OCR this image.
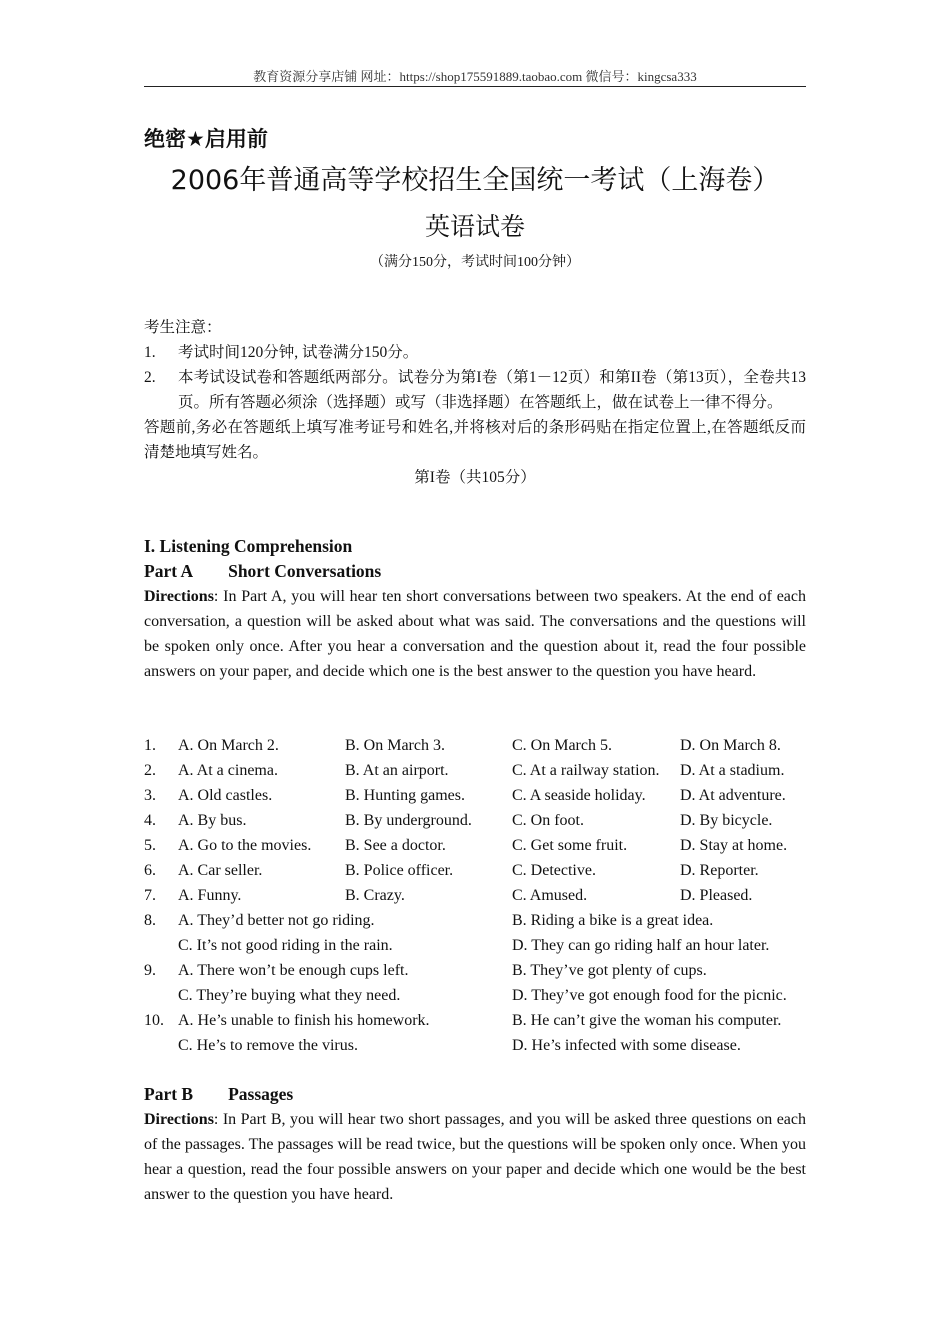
教育资源分享店铺 网址：https://shop175591889.taobao.com 微信号：kingcsa333
绝密★启用前
2006年普通高等学校招生全国统一考试（上海卷）
英语试卷
（满分150分，考试时间100分钟）
考生注意：
1.	考试时间120分钟, 试卷满分150分。
2.	本考试设试卷和答题纸两部分。试卷分为第I卷（第1－12页）和第II卷（第13页），全卷共13页。所有答题必须涂（选择题）或写（非选择题）在答题纸上，做在试卷上一律不得分。
答题前,务必在答题纸上填写准考证号和姓名,并将核对后的条形码贴在指定位置上,在答题纸反而清楚地填写姓名。
第I卷（共105分）
I. Listening Comprehension
Part A Short Conversations
Directions: In Part A, you will hear ten short conversations between two speakers. At the end of each conversation, a question will be asked about what was said. The conversations and the questions will be spoken only once. After you hear a conversation and the question about it, read the four possible answers on your paper, and decide which one is the best answer to the question you have heard.
1.	A. On March 2.	B. On March 3.	C. On March 5.	D. On March 8.
2.	A. At a cinema.	B. At an airport.	C. At a railway station.	D. At a stadium.
3.	A. Old castles.	B. Hunting games.	C. A seaside holiday.	D. At adventure.
4.	A. By bus.	B. By underground.	C. On foot.	D. By bicycle.
5.	A. Go to the movies.	B. See a doctor.	C. Get some fruit.	D. Stay at home.
6.	A. Car seller.	B. Police officer.	C. Detective.	D. Reporter.
7.	A. Funny.	B. Crazy.	C. Amused.	D. Pleased.
8.	A. They’d better not go riding.	B. Riding a bike is a great idea.
C. It’s not good riding in the rain.	D. They can go riding half an hour later.
9.	A. There won’t be enough cups left.	B. They’ve got plenty of cups.
C. They’re buying what they need.	D. They’ve got enough food for the picnic.
10. A. He’s unable to finish his homework.	B. He can’t give the woman his computer.
C. He’s to remove the virus.	D. He’s infected with some disease.
Part B Passages
Directions: In Part B, you will hear two short passages, and you will be asked three questions on each of the passages. The passages will be read twice, but the questions will be spoken only once. When you hear a question, read the four possible answers on your paper and decide which one would be the best answer to the question you have heard.
